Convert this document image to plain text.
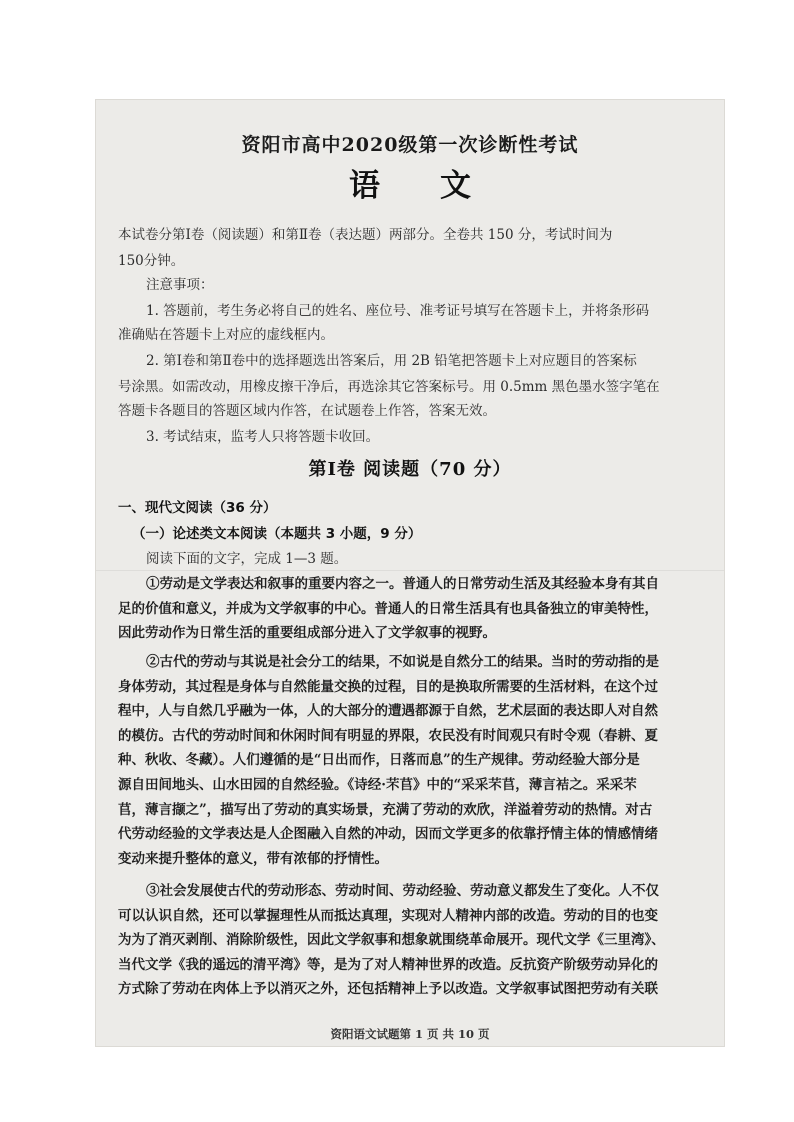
资阳市高中2020级第一次诊断性考试
语文
本试卷分第Ⅰ卷（阅读题）和第Ⅱ卷（表达题）两部分。全卷共 150 分，考试时间为
150分钟。
注意事项：
1. 答题前，考生务必将自己的姓名、座位号、准考证号填写在答题卡上，并将条形码
准确贴在答题卡上对应的虚线框内。
2. 第Ⅰ卷和第Ⅱ卷中的选择题选出答案后，用 2B 铅笔把答题卡上对应题目的答案标
号涂黑。如需改动，用橡皮擦干净后，再选涂其它答案标号。用 0.5mm 黑色墨水签字笔在
答题卡各题目的答题区域内作答，在试题卷上作答，答案无效。
3. 考试结束，监考人只将答题卡收回。
第Ⅰ卷 阅读题（70 分）
一、现代文阅读（36 分）
（一）论述类文本阅读（本题共 3 小题，9 分）
阅读下面的文字，完成 1—3 题。
①劳动是文学表达和叙事的重要内容之一。普通人的日常劳动生活及其经验本身有其自
足的价值和意义，并成为文学叙事的中心。普通人的日常生活具有也具备独立的审美特性，
因此劳动作为日常生活的重要组成部分进入了文学叙事的视野。
②古代的劳动与其说是社会分工的结果，不如说是自然分工的结果。当时的劳动指的是
身体劳动，其过程是身体与自然能量交换的过程，目的是换取所需要的生活材料，在这个过
程中，人与自然几乎融为一体，人的大部分的遭遇都源于自然，艺术层面的表达即人对自然
的模仿。古代的劳动时间和休闲时间有明显的界限，农民没有时间观只有时令观（春耕、夏
种、秋收、冬藏）。人们遵循的是“日出而作，日落而息”的生产规律。劳动经验大部分是
源自田间地头、山水田园的自然经验。《诗经·芣苢》中的“采采芣苢，薄言袺之。采采芣
苢，薄言撷之”，描写出了劳动的真实场景，充满了劳动的欢欣，洋溢着劳动的热情。对古
代劳动经验的文学表达是人企图融入自然的冲动，因而文学更多的依靠抒情主体的情感情绪
变动来提升整体的意义，带有浓郁的抒情性。
③社会发展使古代的劳动形态、劳动时间、劳动经验、劳动意义都发生了变化。人不仅
可以认识自然，还可以掌握理性从而抵达真理，实现对人精神内部的改造。劳动的目的也变
为为了消灭剥削、消除阶级性，因此文学叙事和想象就围绕革命展开。现代文学《三里湾》、
当代文学《我的遥远的清平湾》等，是为了对人精神世界的改造。反抗资产阶级劳动异化的
方式除了劳动在肉体上予以消灭之外，还包括精神上予以改造。文学叙事试图把劳动有关联
资阳语文试题第 1 页 共 10 页
